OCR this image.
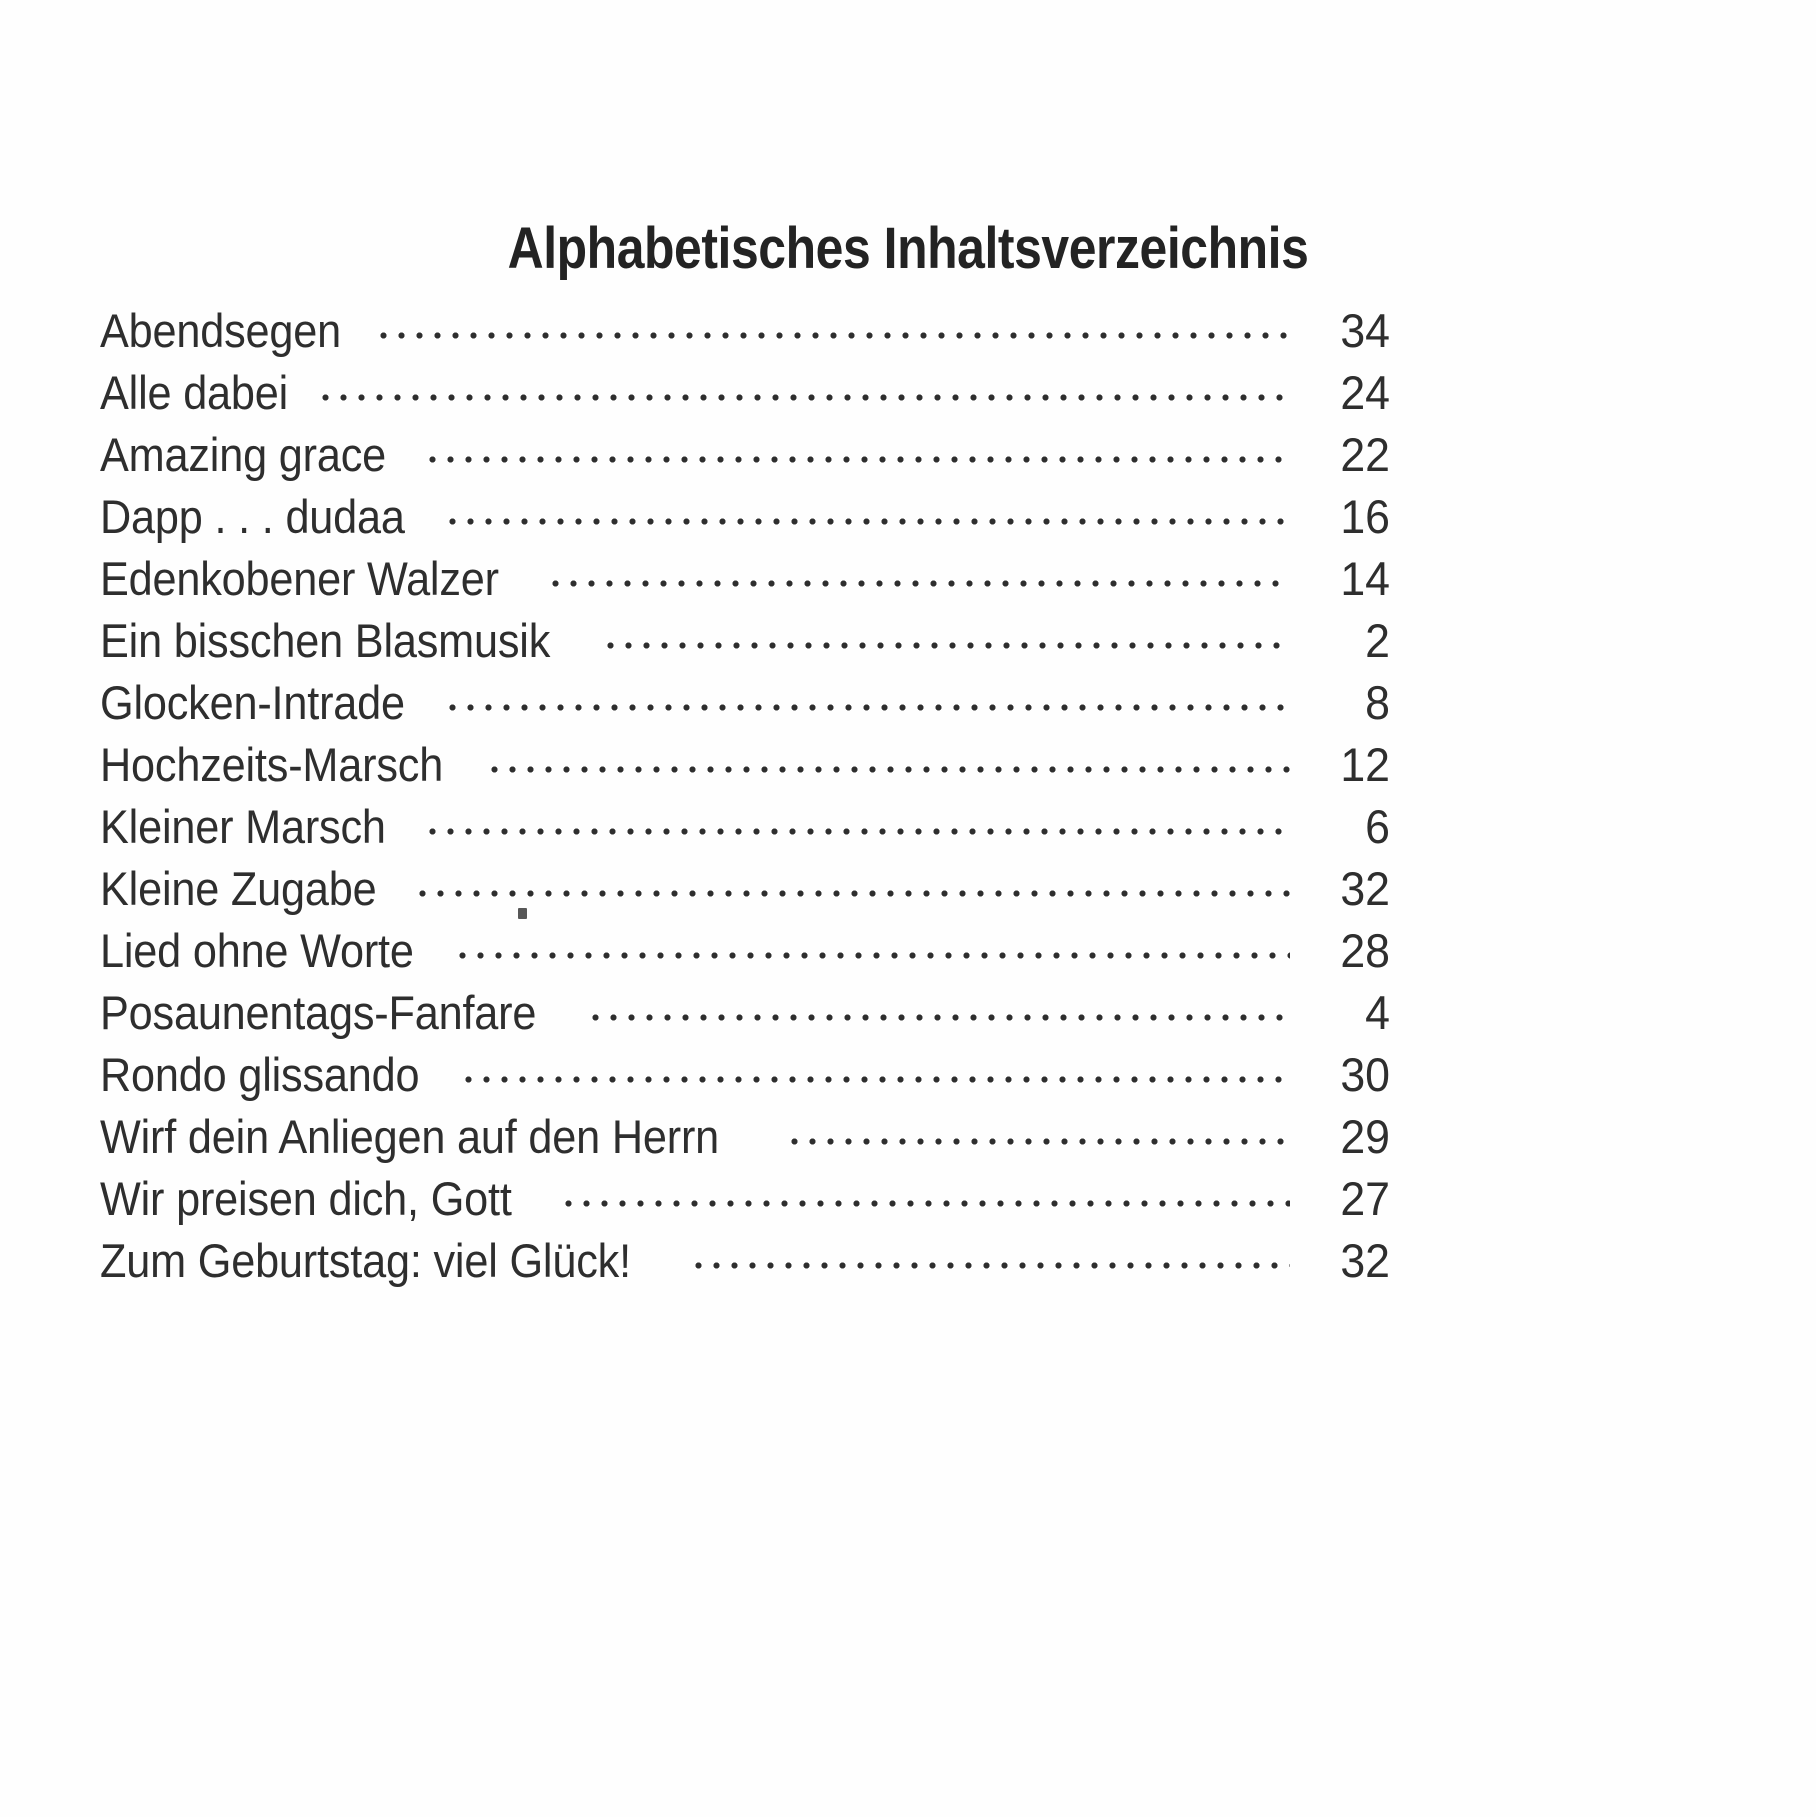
Alphabetisches Inhaltsverzeichnis
Abendsegen	34
Alle dabei	24
Amazing grace	22
Dapp . . . dudaa	16
Edenkobener Walzer	14
Ein bisschen Blasmusik	2
Glocken-Intrade	8
Hochzeits-Marsch	12
Kleiner Marsch	6
Kleine Zugabe	32
Lied ohne Worte	28
Posaunentags-Fanfare	4
Rondo glissando	30
Wirf dein Anliegen auf den Herrn	29
Wir preisen dich, Gott	27
Zum Geburtstag: viel Glück!	32
